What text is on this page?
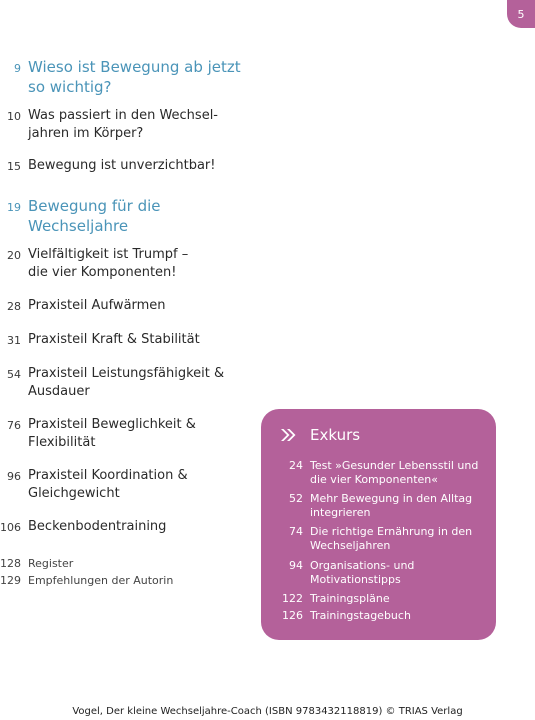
5
9 Wieso ist Bewegung ab jetzt
so wichtig?
10 Was passiert in den Wechsel-
jahren im Körper?
15 Bewegung ist unverzichtbar!
19 Bewegung für die
Wechseljahre
20 Vielfältigkeit ist Trumpf –
die vier Komponenten!
28 Praxisteil Aufwärmen
31 Praxisteil Kraft & Stabilität
54 Praxisteil Leistungsfähigkeit &
Ausdauer
76 Praxisteil Beweglichkeit &
Flexibilität
96 Praxisteil Koordination &
Gleichgewicht
106 Beckenbodentraining
128 Register
129 Empfehlungen der Autorin
Exkurs
24 Test »Gesunder Lebensstil und
die vier Komponenten«
52 Mehr Bewegung in den Alltag
integrieren
74 Die richtige Ernährung in den
Wechseljahren
94 Organisations- und
Motivationstipps
122 Trainingspläne
126 Trainingstagebuch
Vogel, Der kleine Wechseljahre-Coach (ISBN 9783432118819) © TRIAS Verlag
